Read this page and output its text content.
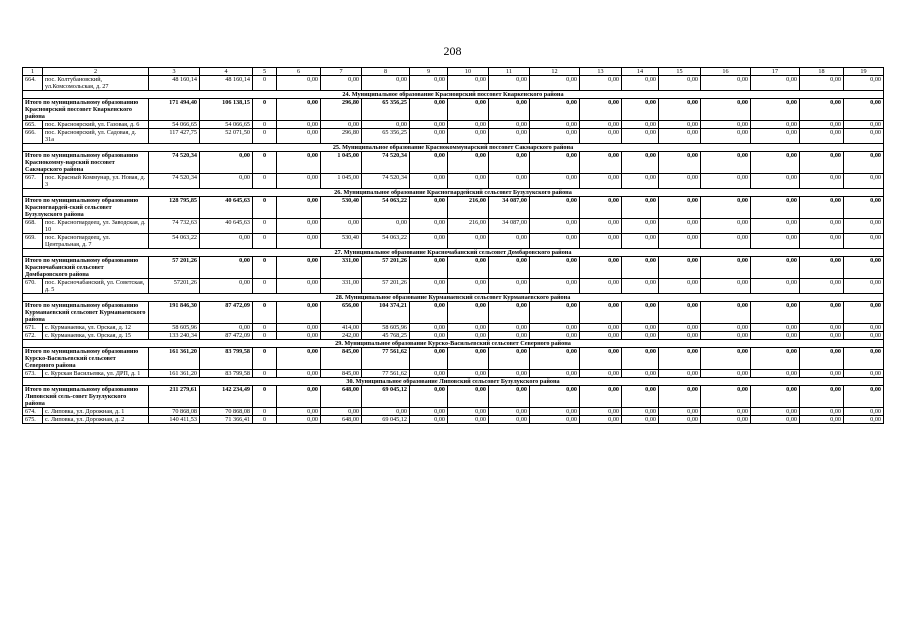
208
1	2	3	4	5	6	7	8	9	10	11	12	13	14	15	16	17	18	19
664.	пос. Колтубановский, ул.Комсомольская, д. 27	48 160,14	48 160,14	0	0,00	0,00	0,00	0,00	0,00	0,00	0,00	0,00	0,00	0,00	0,00	0,00	0,00	0,00
24. Муниципальное образование Красноярский поссовет Кваркенского района																		
Итого по муниципальному образованию Красноярский поссовет Кваркенского района		171 494,40	106 138,15	0	0,00	296,80	65 356,25	0,00	0,00	0,00	0,00	0,00	0,00	0,00	0,00	0,00	0,00	0,00
665.	пос. Красноярский, ул. Газовая, д. 6	54 066,65	54 066,65	0	0,00	0,00	0,00	0,00	0,00	0,00	0,00	0,00	0,00	0,00	0,00	0,00	0,00	0,00
666.	пос. Красноярский, ул. Садовая, д. 31а	117 427,75	52 071,50	0	0,00	296,80	65 356,25	0,00	0,00	0,00	0,00	0,00	0,00	0,00	0,00	0,00	0,00	0,00
25. Муниципальное образование Краснокоммунарский поссовет Сакмарского района																		
Итого по муниципальному образованию Краснокомму-нарский поссовет Сакмарского района		74 520,34	0,00	0	0,00	1 045,00	74 520,34	0,00	0,00	0,00	0,00	0,00	0,00	0,00	0,00	0,00	0,00	0,00
667.	пос. Красный Коммунар, ул. Новая, д. 3	74 520,34	0,00	0	0,00	1 045,00	74 520,34	0,00	0,00	0,00	0,00	0,00	0,00	0,00	0,00	0,00	0,00	0,00
26. Муниципальное образование Красногвардейский сельсовет Бузулукского района																		
Итого по муниципальному образованию Красногвардей-ский сельсовет Бузулукского района		128 795,85	40 645,63	0	0,00	530,40	54 063,22	0,00	216,00	34 087,00	0,00	0,00	0,00	0,00	0,00	0,00	0,00	0,00
668.	пос. Красногвардеец, ул. Заводская, д. 10	74 732,63	40 645,63	0	0,00	0,00	0,00	0,00	216,00	34 087,00	0,00	0,00	0,00	0,00	0,00	0,00	0,00	0,00
669.	пос. Красногвардеец, ул. Центральная, д. 7	54 063,22	0,00	0	0,00	530,40	54 063,22	0,00	0,00	0,00	0,00	0,00	0,00	0,00	0,00	0,00	0,00	0,00
27. Муниципальное образование Красночабанский сельсовет Домбаровского района																		
Итого по муниципальному образованию Красночабанский сельсовет Домбаровского района		57 201,26	0,00	0	0,00	331,00	57 201,26	0,00	0,00	0,00	0,00	0,00	0,00	0,00	0,00	0,00	0,00	0,00
670.	пос. Красночабанский, ул. Советская, д. 5	57201,26	0,00	0	0,00	331,00	57 201,26	0,00	0,00	0,00	0,00	0,00	0,00	0,00	0,00	0,00	0,00	0,00
28. Муниципальное образование Курманаевский сельсовет Курманаевского района																		
Итого по муниципальному образованию Курманаевский сельсовет Курманаевского района		191 846,30	87 472,09	0	0,00	656,00	104 374,21	0,00	0,00	0,00	0,00	0,00	0,00	0,00	0,00	0,00	0,00	0,00
671.	с. Курманаевка, ул. Орская, д. 12	58 605,96	0,00	0	0,00	414,00	58 605,96	0,00	0,00	0,00	0,00	0,00	0,00	0,00	0,00	0,00	0,00	0,00
672.	с. Курманаевка, ул. Орская, д. 15	133 240,34	87 472,09	0	0,00	242,00	45 768,25	0,00	0,00	0,00	0,00	0,00	0,00	0,00	0,00	0,00	0,00	0,00
29. Муниципальное образование Курско-Васильевский сельсовет Северного района																		
Итого по муниципальному образованию Курско-Васильевский сельсовет Северного района		161 361,20	83 799,58	0	0,00	845,00	77 561,62	0,00	0,00	0,00	0,00	0,00	0,00	0,00	0,00	0,00	0,00	0,00
673.	с. Курская Васильевка, ул. ДРП, д. 1	161 361,20	83 799,58	0	0,00	845,00	77 561,62	0,00	0,00	0,00	0,00	0,00	0,00	0,00	0,00	0,00	0,00	0,00
30. Муниципальное образование Липовский сельсовет Бузулукского района																		
Итого по муниципальному образованию Липовский сель-совет Бузулукского района		211 279,61	142 234,49	0	0,00	648,00	69 045,12	0,00	0,00	0,00	0,00	0,00	0,00	0,00	0,00	0,00	0,00	0,00
674.	с. Липовка, ул. Дорожная, д. 1	70 868,08	70 868,08	0	0,00	0,00	0,00	0,00	0,00	0,00	0,00	0,00	0,00	0,00	0,00	0,00	0,00	0,00
675.	с. Липовка, ул. Дорожная, д. 2	140 411,53	71 366,41	0	0,00	648,00	69 045,12	0,00	0,00	0,00	0,00	0,00	0,00	0,00	0,00	0,00	0,00	0,00
